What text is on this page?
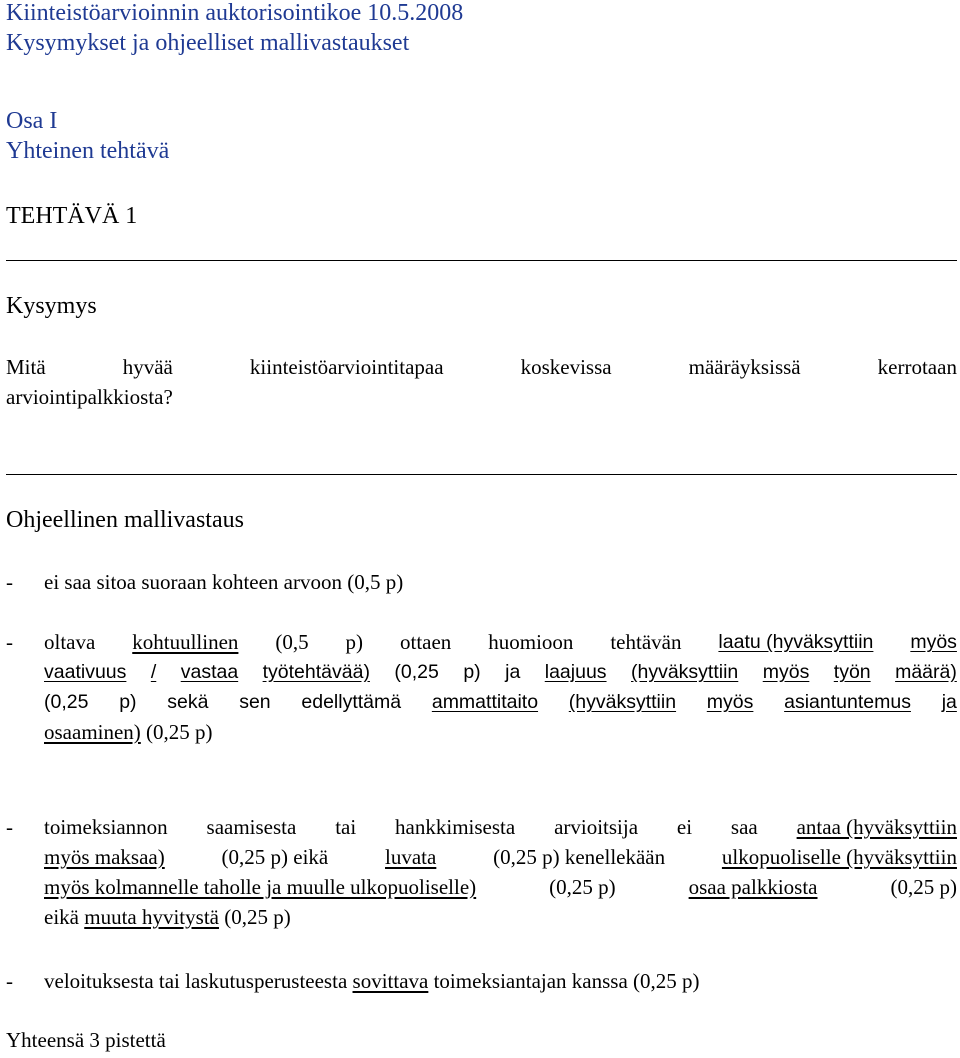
Kiinteistöarvioinnin auktorisointikoe 10.5.2008
Kysymykset ja ohjeelliset mallivastaukset
Osa I
Yhteinen tehtävä
TEHTÄVÄ 1
Kysymys
Mitä	hyvää	kiinteistöarviointitapaa	koskevissa	määräyksissä	kerrotaan
arviointipalkkiosta?
Ohjeellinen mallivastaus
- ei saa sitoa suoraan kohteen arvoon (0,5 p)
- oltava kohtuullinen (0,5 p) ottaen huomioon tehtävän laatu (hyväksyttiin myös
vaativuus / vastaa työtehtävää) (0,25 p) ja laajuus (hyväksyttiin myös työn määrä)
(0,25 p) sekä sen edellyttämä ammattitaito (hyväksyttiin myös asiantuntemus ja
osaaminen) (0,25 p)
- toimeksiannon saamisesta tai hankkimisesta arvioitsija ei saa antaa (hyväksyttiin
myös maksaa)	(0,25 p) eikä	luvata	(0,25 p) kenellekään	ulkopuoliselle (hyväksyttiin
myös kolmannelle taholle ja muulle ulkopuoliselle)	(0,25 p)	osaa palkkiosta	(0,25 p)
eikä
muuta hyvitystä (0,25 p)
- veloituksesta tai laskutusperusteesta sovittava toimeksiantajan kanssa (0,25 p)
Yhteensä 3 pistettä
